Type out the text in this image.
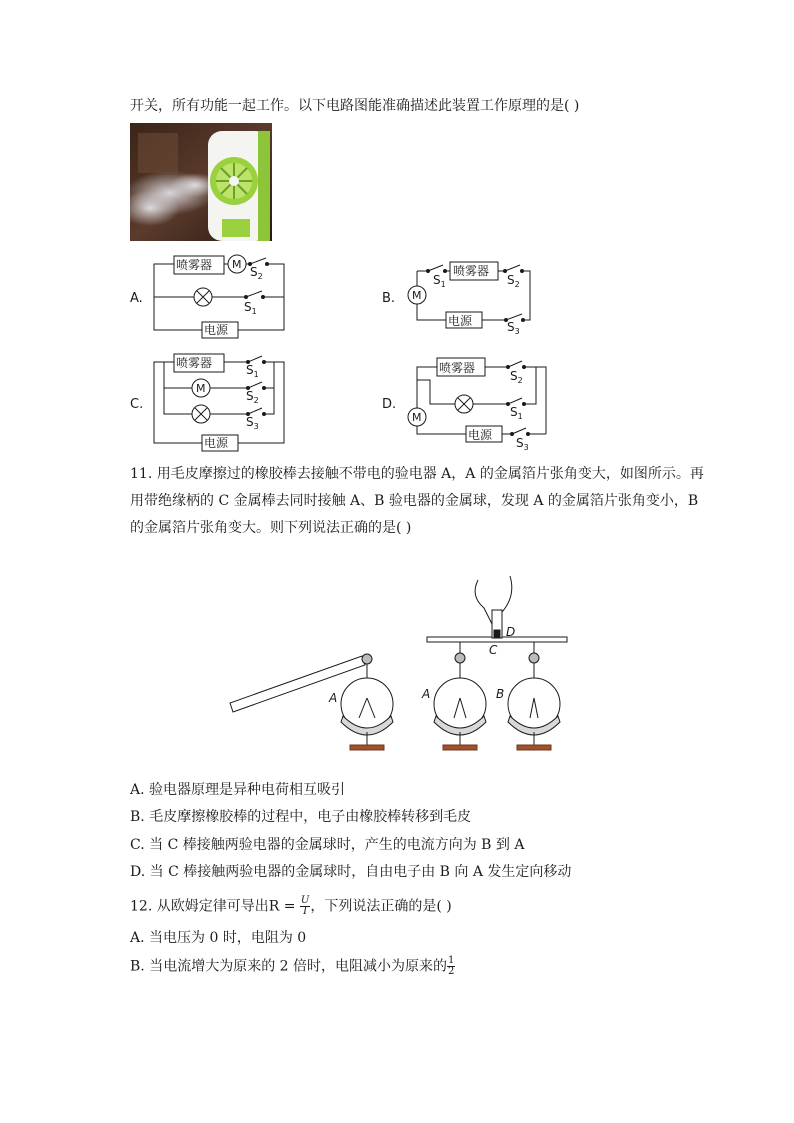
开关，所有功能一起工作。以下电路图能准确描述此装置工作原理的是( )
喷雾器 M
$S_2$
$S_1$
电源
喷雾器
M
$S_1$	$S_2$
$S_3$
电源
喷雾器
M
$S_1$
$S_2$
$S_3$
电源
喷雾器
M
$S_2$
$S_1$
$S_3$
电源
A.	B.
C.	D.
11. 用毛皮摩擦过的橡胶棒去接触不带电的验电器 A，A 的金属箔片张角变大，如图所示。再
用带绝缘柄的 C 金属棒去同时接触 A、B 验电器的金属球，发现 A 的金属箔片张角变小，B
的金属箔片张角变大。则下列说法正确的是( )
A	A	B
C
D
A. 验电器原理是异种电荷相互吸引
B. 毛皮摩擦橡胶棒的过程中，电子由橡胶棒转移到毛皮
C. 当 C 棒接触两验电器的金属球时，产生的电流方向为 B 到 A
D. 当 C 棒接触两验电器的金属球时，自由电子由 B 向 A 发生定向移动
12. 从欧姆定律可导出$R = \frac{U}{I}$ ，下列说法正确的是( )
A. 当电压为 0 时，电阻为 0
B. 当电流增大为原来的 2 倍时，电阻减小为原来的 $\frac{1}{2}$
